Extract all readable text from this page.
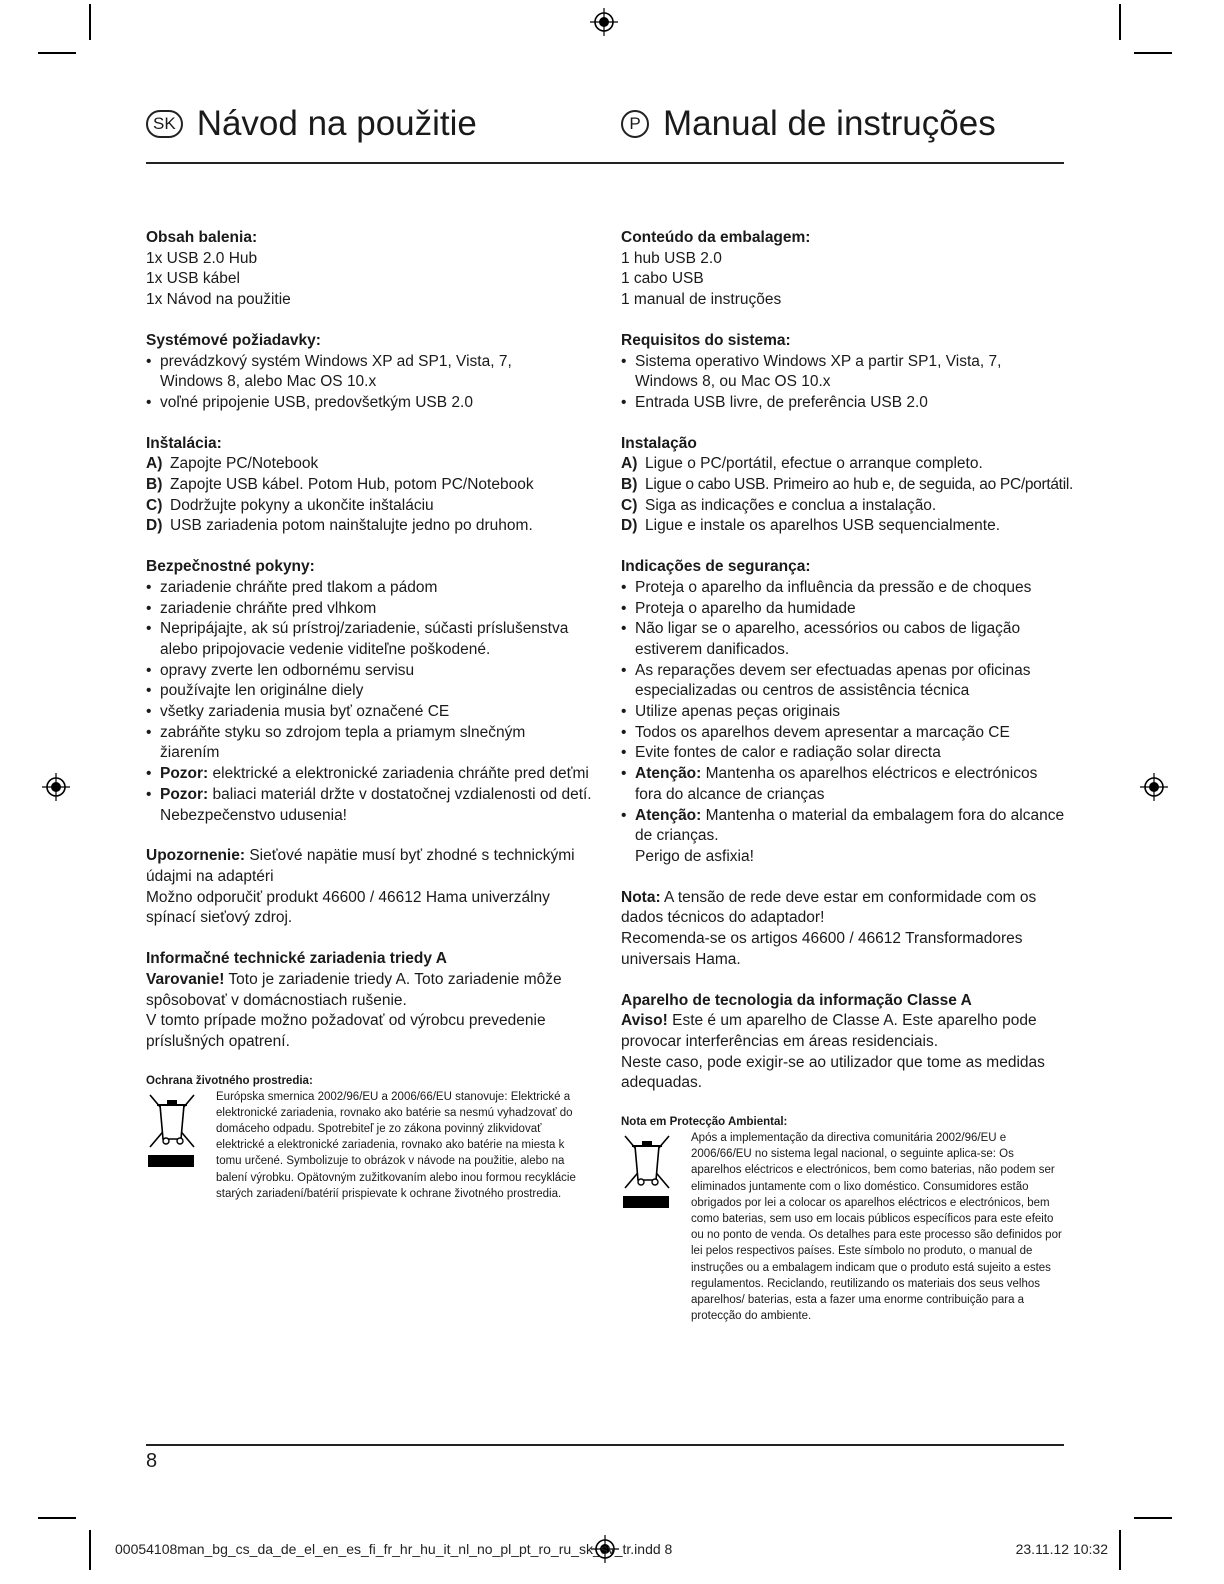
SK Návod na použitie	P Manual de instruções
Obsah balenia:
1x USB 2.0 Hub
1x USB kábel
1x Návod na použitie
Systémové požiadavky:
• prevádzkový systém Windows XP ad SP1, Vista, 7, Windows 8, alebo Mac OS 10.x
• voľné pripojenie USB, predovšetkým USB 2.0
Inštalácia:
A) Zapojte PC/Notebook
B) Zapojte USB kábel. Potom Hub, potom PC/Notebook
C) Dodržujte pokyny a ukončite inštaláciu
D) USB zariadenia potom nainštalujte jedno po druhom.
Bezpečnostné pokyny:
• zariadenie chráňte pred tlakom a pádom
• zariadenie chráňte pred vlhkom
• Nepripájajte, ak sú prístroj/zariadenie, súčasti príslušenstva alebo pripojovacie vedenie viditeľne poškodené.
• opravy zverte len odbornému servisu
• používajte len originálne diely
• všetky zariadenia musia byť označené CE
• zabráňte styku so zdrojom tepla a priamym slnečným žiarením
• Pozor: elektrické a elektronické zariadenia chráňte pred deťmi
• Pozor: baliaci materiál držte v dostatočnej vzdialenosti od detí.
Nebezpečenstvo udusenia!
Upozornenie: Sieťové napätie musí byť zhodné s technickými údajmi na adaptéri
Možno odporučiť produkt 46600 / 46612 Hama univerzálny spínací sieťový zdroj.
Informačné technické zariadenia triedy A
Varovanie! Toto je zariadenie triedy A. Toto zariadenie môže spôsobovať v domácnostiach rušenie.
V tomto prípade možno požadovať od výrobcu prevedenie príslušných opatrení.
Ochrana životného prostredia:
Európska smernica 2002/96/EU a 2006/66/EU stanovuje: Elektrické a elektronické zariadenia, rovnako ako batérie sa nesmú vyhadzovať do domáceho odpadu. Spotrebiteľ je zo zákona povinný zlikvidovať elektrické a elektronické zariadenia, rovnako ako batérie na miesta k tomu určené. Symbolizuje to obrázok v návode na použitie, alebo na balení výrobku. Opätovným zužitkovaním alebo inou formou recyklácie starých zariadení/batérií prispievate k ochrane životného prostredia.
Conteúdo da embalagem:
1 hub USB 2.0
1 cabo USB
1 manual de instruções
Requisitos do sistema:
• Sistema operativo Windows XP a partir SP1, Vista, 7, Windows 8, ou Mac OS 10.x
• Entrada USB livre, de preferência USB 2.0
Instalação
A) Ligue o PC/portátil, efectue o arranque completo.
B) Ligue o cabo USB. Primeiro ao hub e, de seguida, ao PC/portátil.
C) Siga as indicações e conclua a instalação.
D) Ligue e instale os aparelhos USB sequencialmente.
Indicações de segurança:
• Proteja o aparelho da influência da pressão e de choques
• Proteja o aparelho da humidade
• Não ligar se o aparelho, acessórios ou cabos de ligação estiverem danificados.
• As reparações devem ser efectuadas apenas por oficinas especializadas ou centros de assistência técnica
• Utilize apenas peças originais
• Todos os aparelhos devem apresentar a marcação CE
• Evite fontes de calor e radiação solar directa
• Atenção: Mantenha os aparelhos eléctricos e electrónicos fora do alcance de crianças
• Atenção: Mantenha o material da embalagem fora do alcance de crianças.
Perigo de asfixia!
Nota: A tensão de rede deve estar em conformidade com os dados técnicos do adaptador!
Recomenda-se os artigos 46600 / 46612 Transformadores universais Hama.
Aparelho de tecnologia da informação Classe A
Aviso! Este é um aparelho de Classe A. Este aparelho pode provocar interferências em áreas residenciais.
Neste caso, pode exigir-se ao utilizador que tome as medidas adequadas.
Nota em Protecção Ambiental:
Após a implementação da directiva comunitária 2002/96/EU e 2006/66/EU no sistema legal nacional, o seguinte aplica-se: Os aparelhos eléctricos e electrónicos, bem como baterias, não podem ser eliminados juntamente com o lixo doméstico. Consumidores estão obrigados por lei a colocar os aparelhos eléctricos e electrónicos, bem como baterias, sem uso em locais públicos específicos para este efeito ou no ponto de venda. Os detalhes para este processo são definidos por lei pelos respectivos países. Este símbolo no produto, o manual de instruções ou a embalagem indicam que o produto está sujeito a estes regulamentos. Reciclando, reutilizando os materiais dos seus velhos aparelhos/ baterias, esta a fazer uma enorme contribuição para a protecção do ambiente.
8
00054108man_bg_cs_da_de_el_en_es_fi_fr_hr_hu_it_nl_no_pl_pt_ro_ru_sk_sv_tr.indd 8	23.11.12 10:32
